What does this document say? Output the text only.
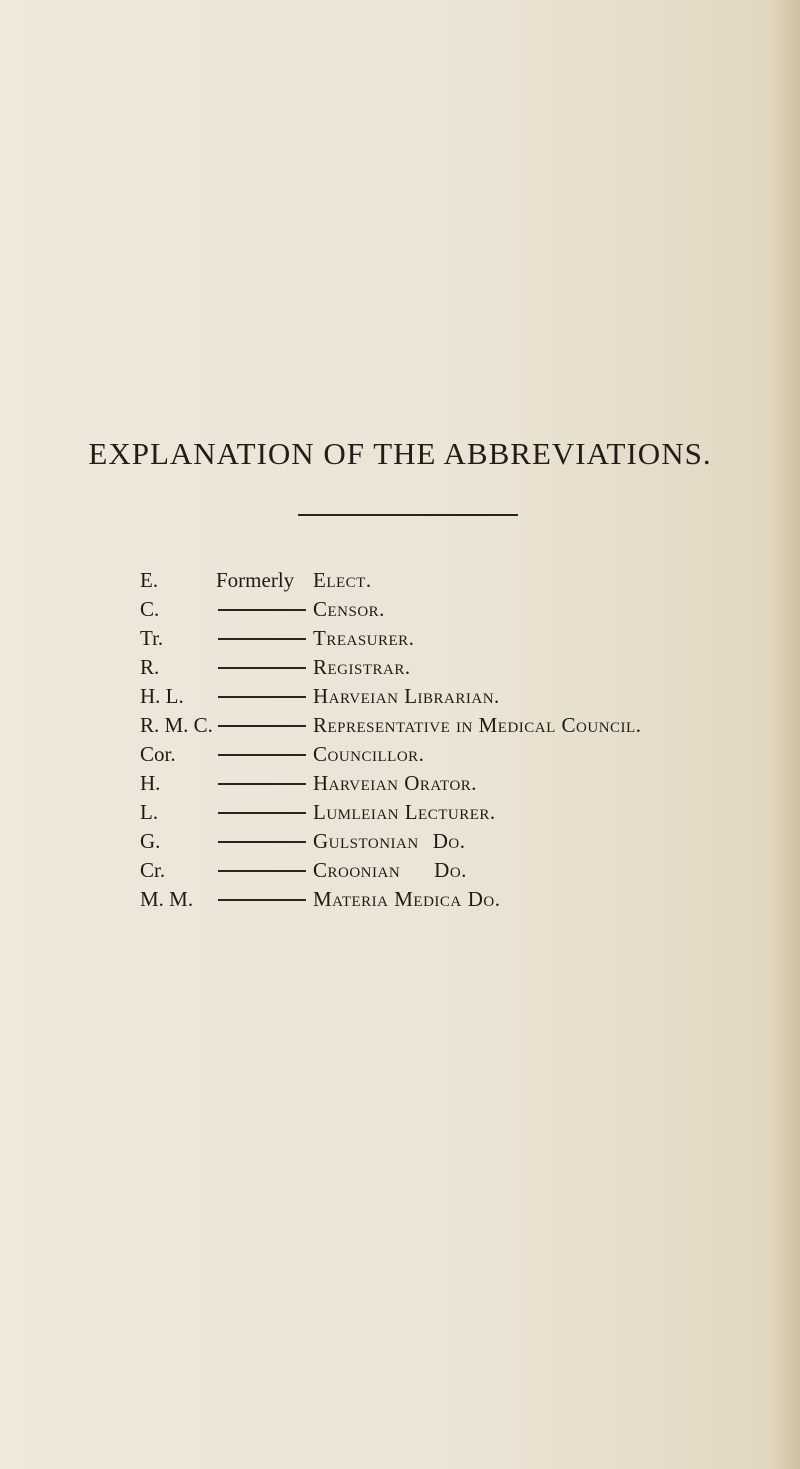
EXPLANATION OF THE ABBREVIATIONS.
E.	Formerly Elect.
C.	Censor.
Tr.	Treasurer.
R.	Registrar.
H. L.	Harveian Librarian.
R. M. C.	Representative in Medical Council.
Cor.	Councillor.
H.	Harveian Orator.
L.	Lumleian Lecturer.
G.	Gulstonian Do.
Cr.	Croonian Do.
M. M.	Materia Medica Do.
